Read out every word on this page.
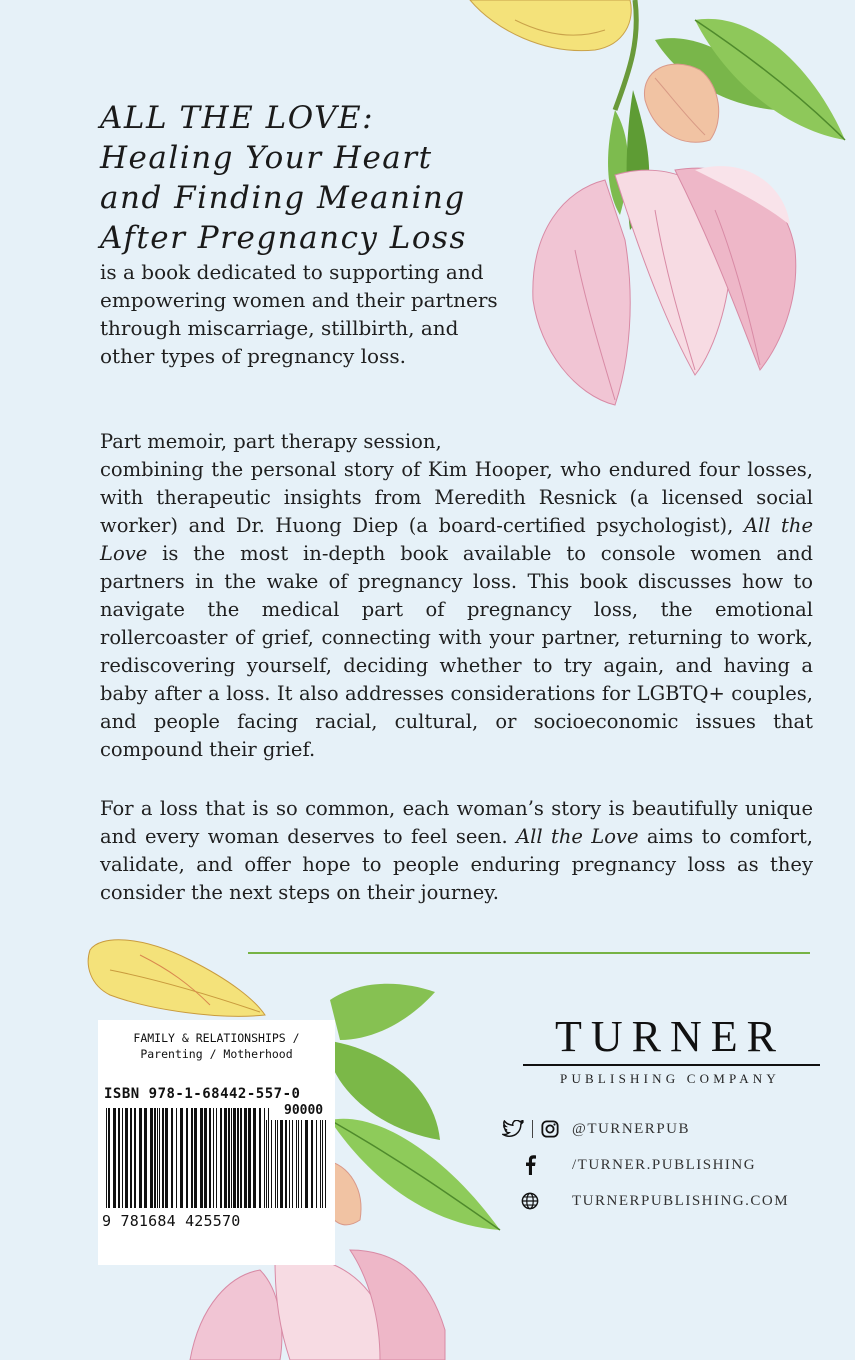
ALL THE LOVE:
Healing Your Heart
and Finding Meaning
After Pregnancy Loss

is a book dedicated to supporting and empowering women and their partners through miscarriage, stillbirth, and other types of pregnancy loss.

Part memoir, part therapy session,
combining the personal story of Kim Hooper, who endured four losses, with therapeutic insights from Meredith Resnick (a licensed social worker) and Dr. Huong Diep (a board-certified psychologist), All the Love is the most in-depth book available to console women and partners in the wake of pregnancy loss. This book discusses how to navigate the medical part of pregnancy loss, the emotional rollercoaster of grief, connecting with your partner, returning to work, rediscovering yourself, deciding whether to try again, and having a baby after a loss. It also addresses considerations for LGBTQ+ couples, and people facing racial, cultural, or socioeconomic issues that compound their grief.

For a loss that is so common, each woman’s story is beautifully unique and every woman deserves to feel seen. All the Love aims to comfort, validate, and offer hope to people enduring pregnancy loss as they consider the next steps on their journey.

FAMILY & RELATIONSHIPS /
Parenting / Motherhood
ISBN 978-1-68442-557-0
90000
9 781684 425570
TURNER
PUBLISHING COMPANY
@TURNERPUB
/TURNER.PUBLISHING
TURNERPUBLISHING.COM
